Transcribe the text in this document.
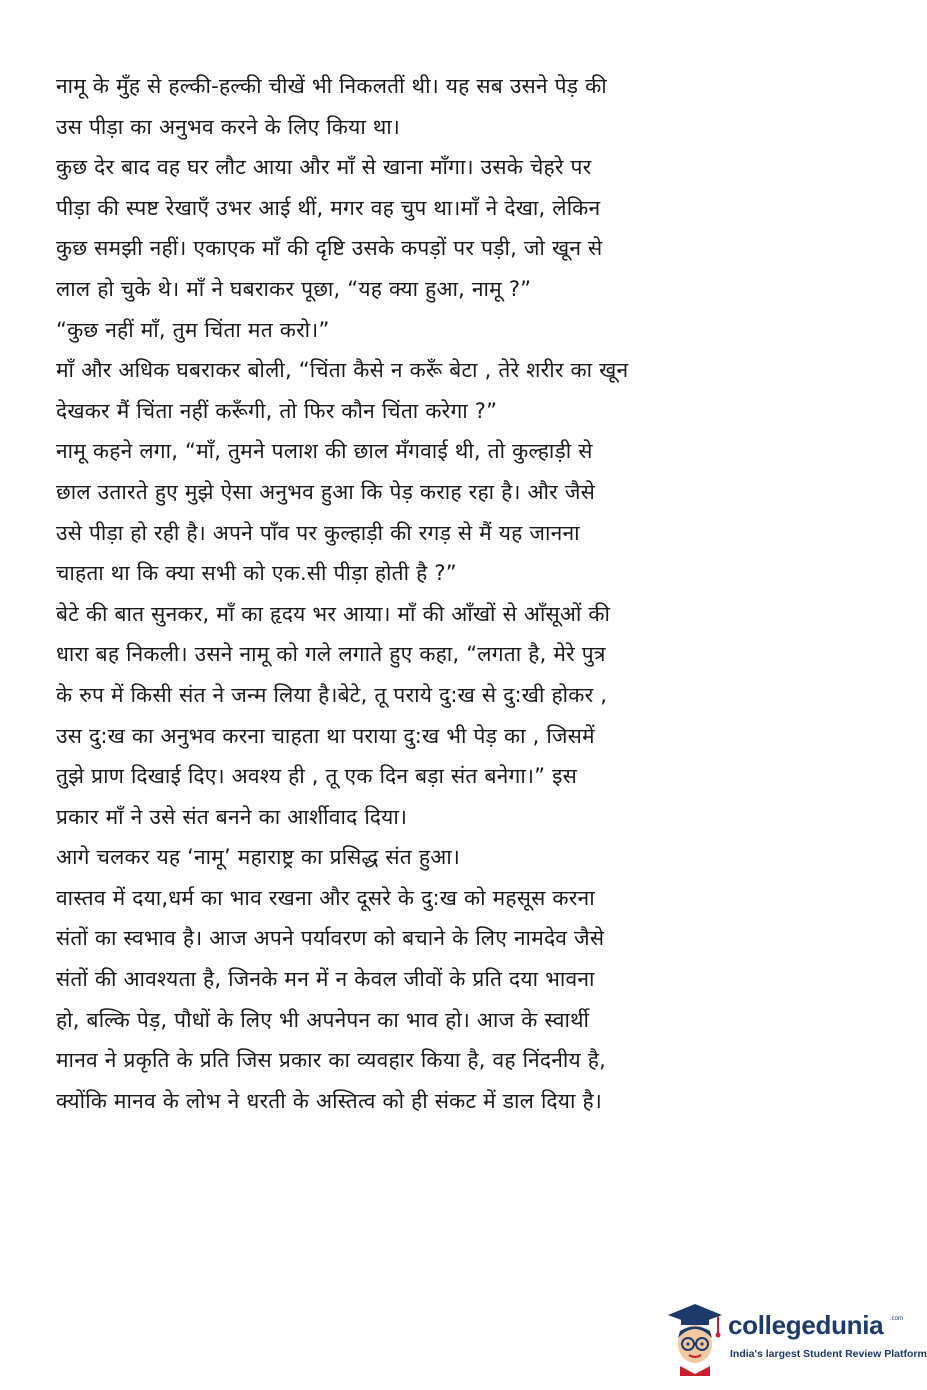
नामू के मुँह से हल्की-हल्की चीखें भी निकलतीं थी। यह सब उसने पेड़ की
उस पीड़ा का अनुभव करने के लिए किया था।
कुछ देर बाद वह घर लौट आया और माँ से खाना माँगा। उसके चेहरे पर
पीड़ा की स्पष्ट रेखाएँ उभर आई थीं, मगर वह चुप था।माँ ने देखा, लेकिन
कुछ समझी नहीं। एकाएक माँ की दृष्टि उसके कपड़ों पर पड़ी, जो खून से
लाल हो चुके थे। माँ ने घबराकर पूछा, “यह क्या हुआ, नामू ?”
“कुछ नहीं माँ, तुम चिंता मत करो।”
माँ और अधिक घबराकर बोली, “चिंता कैसे न करूँ बेटा , तेरे शरीर का खून
देखकर मैं चिंता नहीं करूँगी, तो फिर कौन चिंता करेगा ?”
नामू कहने लगा, “माँ, तुमने पलाश की छाल मँगवाई थी, तो कुल्हाड़ी से
छाल उतारते हुए मुझे ऐसा अनुभव हुआ कि पेड़ कराह रहा है। और जैसे
उसे पीड़ा हो रही है। अपने पाँव पर कुल्हाड़ी की रगड़ से मैं यह जानना
चाहता था कि क्या सभी को एक.सी पीड़ा होती है ?”
बेटे की बात सुनकर, माँ का हृदय भर आया। माँ की आँखों से आँसूओं की
धारा बह निकली। उसने नामू को गले लगाते हुए कहा, “लगता है, मेरे पुत्र
के रुप में किसी संत ने जन्म लिया है।बेटे, तू पराये दु:ख से दु:खी होकर ,
उस दु:ख का अनुभव करना चाहता था पराया दु:ख भी पेड़ का , जिसमें
तुझे प्राण दिखाई दिए। अवश्य ही , तू एक दिन बड़ा संत बनेगा।” इस
प्रकार माँ ने उसे संत बनने का आर्शीवाद दिया।
आगे चलकर यह ‘नामू’ महाराष्ट्र का प्रसिद्ध संत हुआ।
वास्तव में दया,धर्म का भाव रखना और दूसरे के दु:ख को महसूस करना
संतों का स्वभाव है। आज अपने पर्यावरण को बचाने के लिए नामदेव जैसे
संतों की आवश्यता है, जिनके मन में न केवल जीवों के प्रति दया भावना
हो, बल्कि पेड़, पौधों के लिए भी अपनेपन का भाव हो। आज के स्वार्थी
मानव ने प्रकृति के प्रति जिस प्रकार का व्यवहार किया है, वह निंदनीय है,
क्योंकि मानव के लोभ ने धरती के अस्तित्व को ही संकट में डाल दिया है।
collegedunia .com
India's largest Student Review Platform
